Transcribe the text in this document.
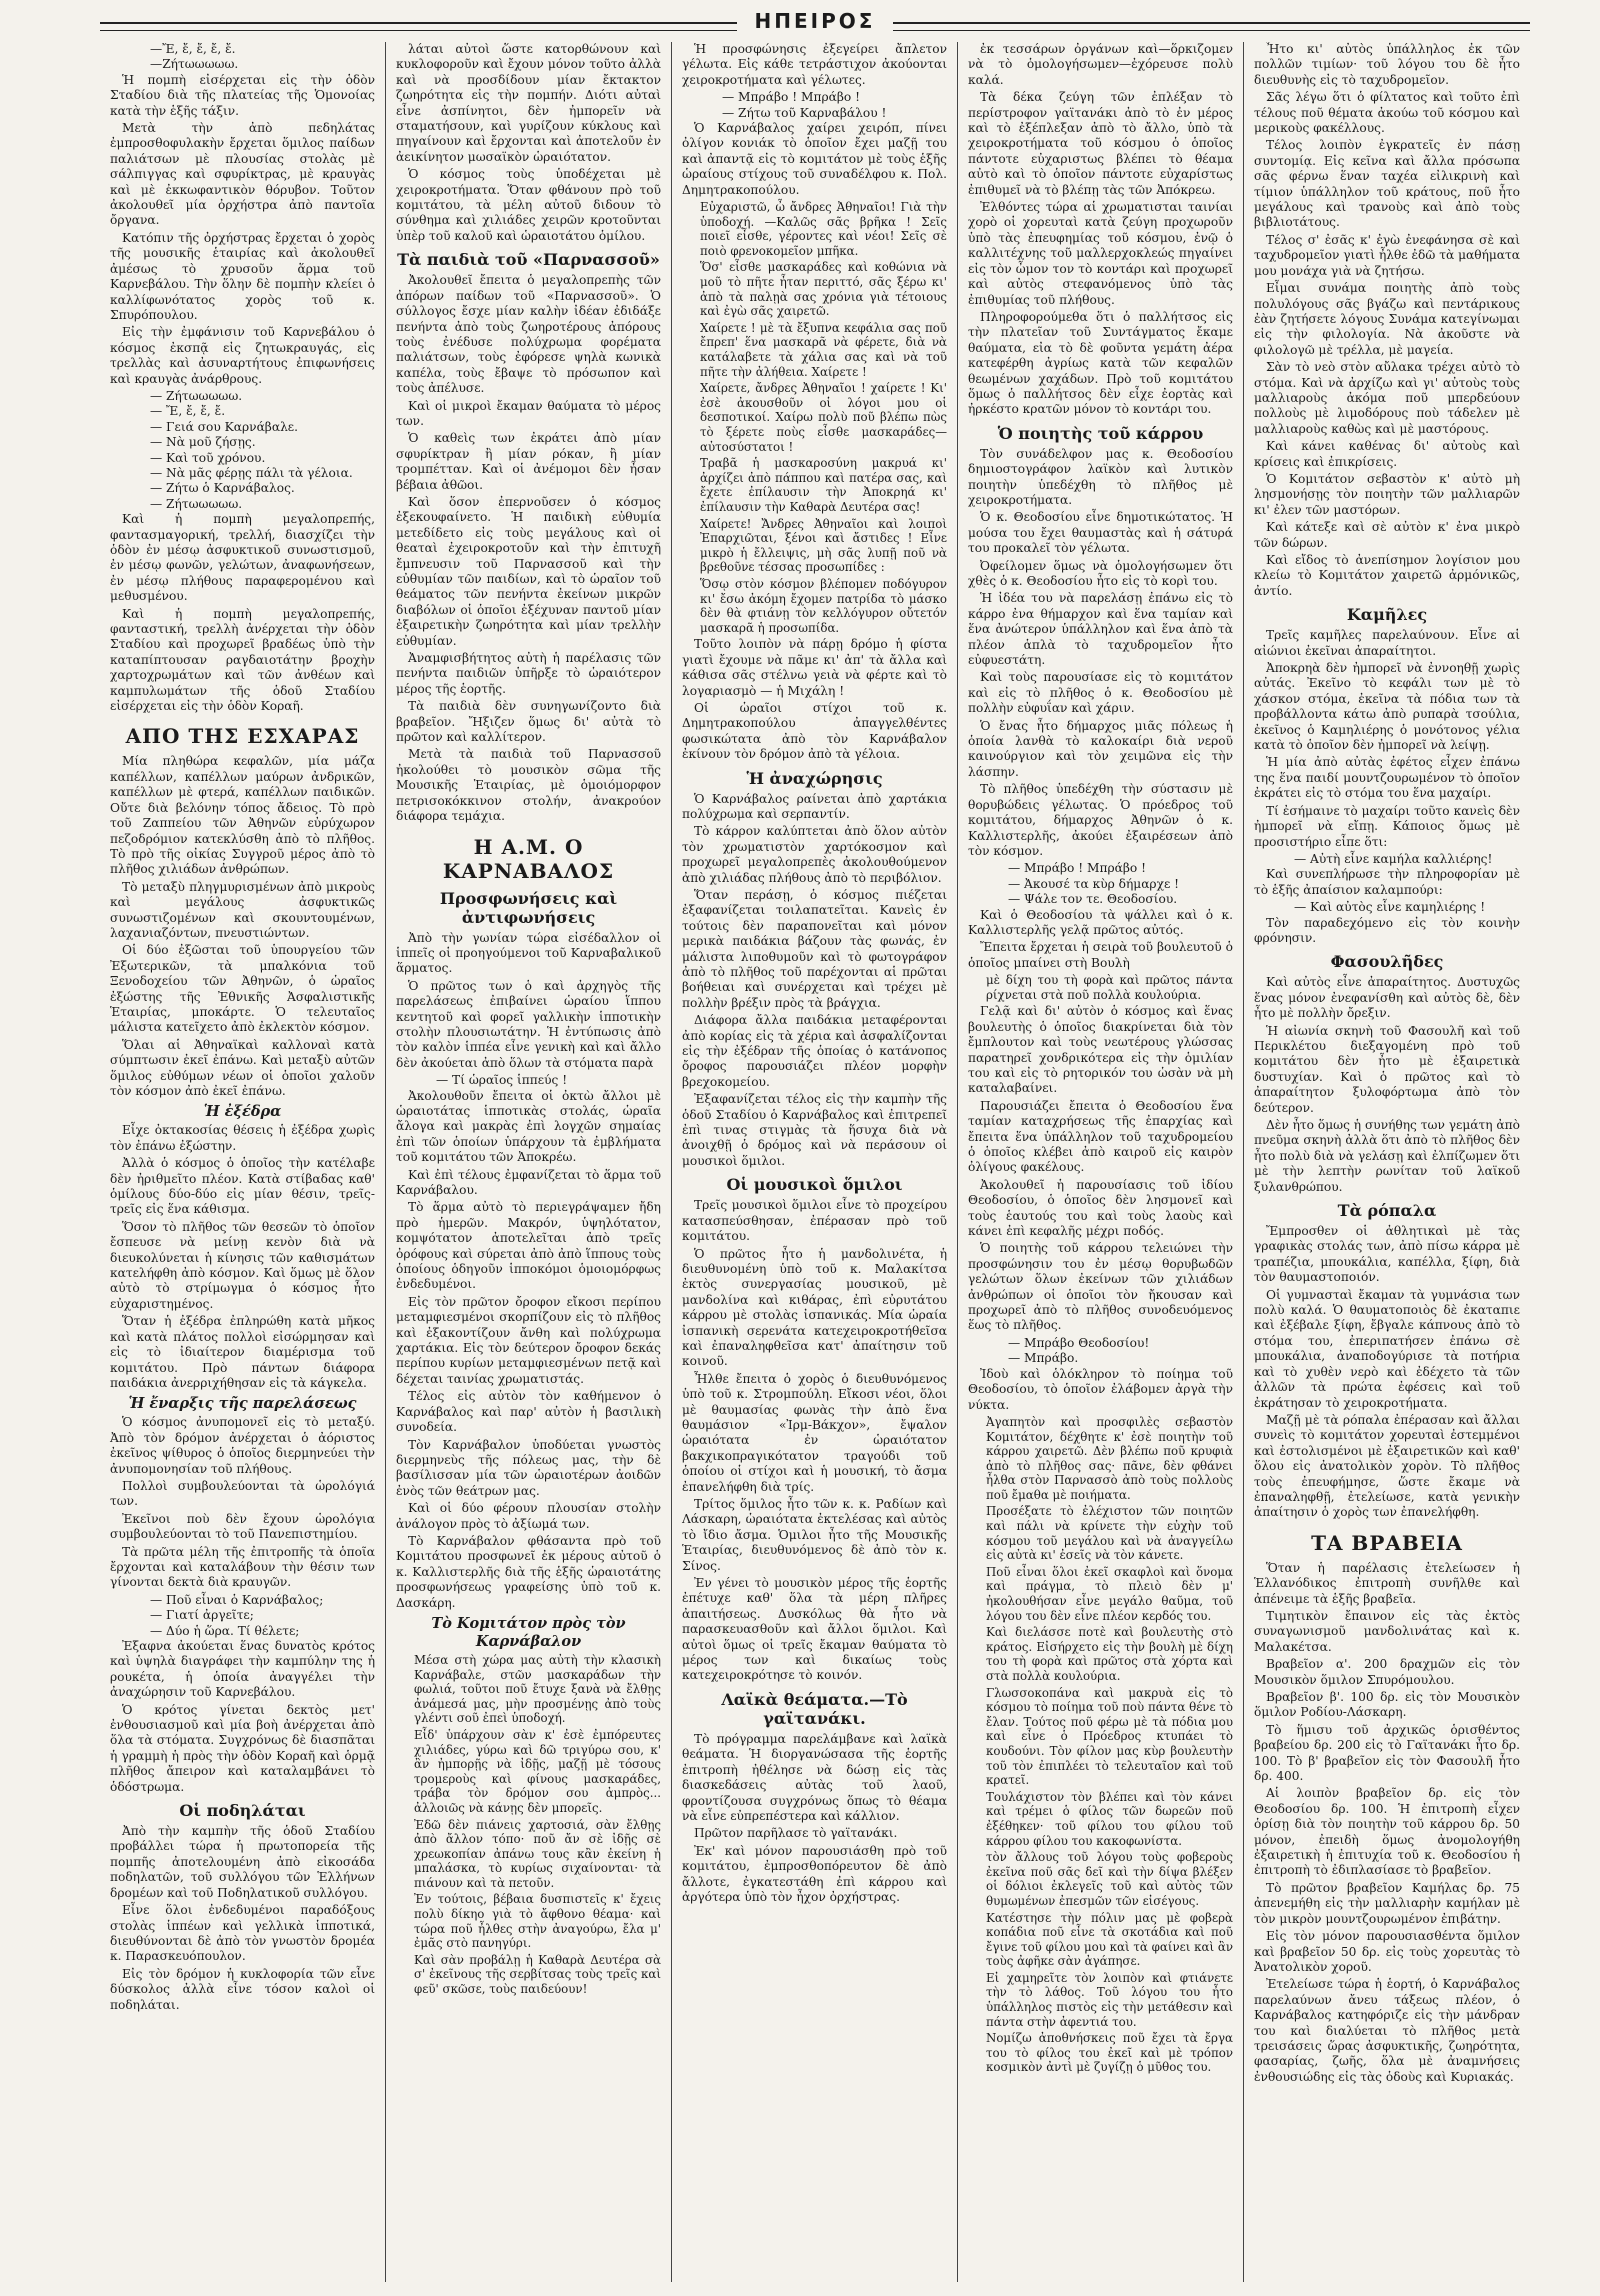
ΗΠΕΙΡΟΣ

—Ἔ, ἔ, ἔ, ἔ, ἔ.

—Ζήτωωωωω.

Ἡ πομπὴ εἰσέρχεται εἰς τὴν ὁδὸν Σταδίου διὰ τῆς πλατείας τῆς Ὁμονοίας κατὰ τὴν ἑξῆς τάξιν.

Μετὰ τὴν ἀπὸ πεδηλάτας ἐμπροσθοφυλακὴν ἔρχεται ὅμιλος παίδων παλιάτσων μὲ πλουσίας στολὰς μὲ σάλπιγγας καὶ σφυρίκτρας, μὲ κραυγὰς καὶ μὲ ἐκκωφαντικὸν θόρυβον. Τοῦτον ἀκολουθεῖ μία ὀρχήστρα ἀπὸ παντοῖα ὄργανα.

Κατόπιν τῆς ὀρχήστρας ἔρχεται ὁ χορὸς τῆς μουσικῆς ἑταιρίας καὶ ἀκολουθεῖ ἀμέσως τὸ χρυσοῦν ἅρμα τοῦ Καρνεβάλου. Τὴν ὅλην δὲ πομπὴν κλείει ὁ καλλίφωνότατος χορὸς τοῦ κ. Σπυρόπουλου.

Εἰς τὴν ἐμφάνισιν τοῦ Καρνεβάλου ὁ κόσμος ἐκσπᾷ εἰς ζητωκραυγάς, εἰς τρελλὰς καὶ ἀσυναρτήτους ἐπιφωνήσεις καὶ κραυγὰς ἀνάρθρους.

— Ζήτωωωωω.

— Ἔ, ἔ, ἔ, ἔ.

— Γειά σου Καρνάβαλε.

— Νὰ μοῦ ζήσῃς.

— Καὶ τοῦ χρόνου.

— Νὰ μᾶς φέρῃς πάλι τὰ γέλοια.

— Ζήτω ὁ Καρνάβαλος.

— Ζήτωωωωω.

Καὶ ἡ πομπὴ μεγαλοπρεπής, φαντασμαγορική, τρελλή, διασχίζει τὴν ὁδὸν ἐν μέσῳ ἀσφυκτικοῦ συνωστισμοῦ, ἐν μέσῳ φωνῶν, γελώτων, ἀναφωνήσεων, ἐν μέσῳ πλήθους παραφερομένου καὶ μεθυσμένου.

Καὶ ἡ πομπὴ μεγαλοπρεπής, φανταστική, τρελλὴ ἀνέρχεται τὴν ὁδὸν Σταδίου καὶ προχωρεῖ βραδέως ὑπὸ τὴν καταπίπτουσαν ραγδαιοτάτην βροχὴν χαρτοχρωμάτων καὶ τῶν ἀνθέων καὶ καμπυλωμάτων τῆς ὁδοῦ Σταδίου εἰσέρχεται εἰς τὴν ὁδὸν Κοραῆ.

ΑΠΟ ΤΗΣ ΕΣΧΑΡΑΣ

Μία πληθώρα κεφαλῶν, μία μάζα καπέλλων, καπέλλων μαύρων ἀνδρικῶν, καπέλλων μὲ φτερά, καπέλλων παιδικῶν. Οὔτε διὰ βελόνην τόπος ἄδειος. Τὸ πρὸ τοῦ Ζαππείου τῶν Ἀθηνῶν εὐρύχωρον πεζοδρόμιον κατεκλύσθη ἀπὸ τὸ πλῆθος. Τὸ πρὸ τῆς οἰκίας Συγγροῦ μέρος ἀπὸ τὸ πλῆθος χιλιάδων ἀνθρώπων.

Τὸ μεταξὺ πληγμυρισμένων ἀπὸ μικροὺς καὶ μεγάλους ἀσφυκτικῶς συνωστιζομένων καὶ σκουντουμένων, λαχανιαζόντων, πνευστιώντων.

Οἱ δύο ἐξῶσται τοῦ ὑπουργείου τῶν Ἐξωτερικῶν, τὰ μπαλκόνια τοῦ Ξενοδοχείου τῶν Ἀθηνῶν, ὁ ὡραῖος ἐξώστης τῆς Ἐθνικῆς Ἀσφαλιστικῆς Ἑταιρίας, μποκάρτε. Ὁ τελευταῖος μάλιστα κατεῖχετο ἀπὸ ἐκλεκτὸν κόσμον.

Ὅλαι αἱ Ἀθηναϊκαὶ καλλοναὶ κατὰ σύμπτωσιν ἐκεῖ ἐπάνω. Καὶ μεταξὺ αὐτῶν ὅμιλος εὐθύμων νέων οἱ ὁποῖοι χαλοῦν τὸν κόσμον ἀπὸ ἐκεῖ ἐπάνω.

Ἡ ἐξέδρα

Εἶχε ὀκτακοσίας θέσεις ἡ ἐξέδρα χωρὶς τὸν ἐπάνω ἐξώστην.

Ἀλλὰ ὁ κόσμος ὁ ὁποῖος τὴν κατέλαβε δὲν ἠριθμεῖτο πλέον. Κατὰ στίβαδας καθ' ὁμίλους δύο-δύο εἰς μίαν θέσιν, τρεῖς-τρεῖς εἰς ἕνα κάθισμα.

Ὅσον τὸ πλῆθος τῶν θεσεῶν τὸ ὁποῖον ἔσπευσε νὰ μείνῃ κενὸν διὰ νὰ διευκολύνεται ἡ κίνησις τῶν καθισμάτων κατελήφθη ἀπὸ κόσμον. Καὶ ὅμως μὲ ὅλον αὐτὸ τὸ στρίμωγμα ὁ κόσμος ἦτο εὐχαριστημένος.

Ὅταν ἡ ἐξέδρα ἐπληρώθη κατὰ μῆκος καὶ κατὰ πλάτος πολλοὶ εἰσώρμησαν καὶ εἰς τὸ ἰδιαίτερον διαμέρισμα τοῦ κομιτάτου. Πρὸ πάντων διάφορα παιδάκια ἀνερριχήθησαν εἰς τὰ κάγκελα.

Ἡ ἔναρξις τῆς παρελάσεως

Ὁ κόσμος ἀνυπομονεῖ εἰς τὸ μεταξύ. Ἀπὸ τὸν δρόμον ἀνέρχεται ὁ ἀόριστος ἐκεῖνος ψίθυρος ὁ ὁποῖος διερμηνεύει τὴν ἀνυπομονησίαν τοῦ πλήθους.

Πολλοὶ συμβουλεύονται τὰ ὡρολόγιά των.

Ἐκεῖνοι ποὺ δὲν ἔχουν ὡρολόγια συμβουλεύονται τὸ τοῦ Πανεπιστημίου.

Τὰ πρῶτα μέλη τῆς ἐπιτροπῆς τὰ ὁποῖα ἔρχονται καὶ καταλάβουν τὴν θέσιν των γίνονται δεκτὰ διὰ κραυγῶν.

— Ποῦ εἶναι ὁ Καρνάβαλος;

— Γιατί ἀργεῖτε;

— Δύο ἡ ὥρα. Τί θέλετε;

Ἐξαφνα ἀκούεται ἕνας δυνατὸς κρότος καὶ ὑψηλὰ διαγράφει τὴν καμπύλην της ἡ ρουκέτα, ἡ ὁποία ἀναγγέλει τὴν ἀναχώρησιν τοῦ Καρνεβάλου.

Ὁ κρότος γίνεται δεκτὸς μετ' ἐνθουσιασμοῦ καὶ μία βοὴ ἀνέρχεται ἀπὸ ὅλα τὰ στόματα. Συγχρόνως δὲ διασπᾶται ἡ γραμμὴ ἡ πρὸς τὴν ὁδὸν Κοραῆ καὶ ὁρμᾷ πλῆθος ἄπειρον καὶ καταλαμβάνει τὸ ὁδόστρωμα.

Οἱ ποδηλάται

Ἀπὸ τὴν καμπὴν τῆς ὁδοῦ Σταδίου προβάλλει τώρα ἡ πρωτοπορεία τῆς πομπῆς ἀποτελουμένη ἀπὸ εἰκοσάδα ποδηλατῶν, τοῦ συλλόγου τῶν Ἑλλήνων δρομέων καὶ τοῦ Ποδηλατικοῦ συλλόγου.

Εἶνε ὅλοι ἐνδεδυμένοι παραδόξους στολὰς ἱππέων καὶ γελλικὰ ἱπποτικά, διευθύνονται δὲ ἀπὸ τὸν γνωστὸν δρομέα κ. Παρασκευόπουλον.

Εἰς τὸν δρόμον ἡ κυκλοφορία τῶν εἶνε δύσκολος ἀλλὰ εἶνε τόσον καλοὶ οἱ ποδηλάται.

λάται αὐτοὶ ὥστε κατορθώνουν καὶ κυκλοφοροῦν καὶ ἔχουν μόνον τοῦτο ἀλλὰ καὶ νὰ προσδίδουν μίαν ἔκτακτον ζωηρότητα εἰς τὴν πομπήν. Διότι αὐταὶ εἶνε ἀσπίνητοι, δὲν ἠμπορεῖν νὰ σταματήσουν, καὶ γυρίζουν κύκλους καὶ πηγαίνουν καὶ ἔρχονται καὶ ἀποτελοῦν ἐν ἀεικίνητον μωσαϊκὸν ὡραιότατον.

Ὁ κόσμος τοὺς ὑποδέχεται μὲ χειροκροτήματα. Ὅταν φθάνουν πρὸ τοῦ κομιτάτου, τὰ μέλη αὐτοῦ διδουν τὸ σύνθημα καὶ χιλιάδες χειρῶν κροτοῦνται ὑπὲρ τοῦ καλοῦ καὶ ὡραιοτάτου ὁμίλου.

Τὰ παιδιὰ τοῦ «Παρνασσοῦ»

Ἀκολουθεῖ ἔπειτα ὁ μεγαλοπρεπὴς τῶν ἀπόρων παίδων τοῦ «Παρνασσοῦ». Ὁ σύλλογος ἔσχε μίαν καλὴν ἰδέαν ἐδιδάξε πενήντα ἀπὸ τοὺς ζωηροτέρους ἀπόρους τοὺς ἐνέδυσε πολύχρωμα φορέματα παλιάτσων, τοὺς ἐφόρεσε ψηλὰ κωνικὰ καπέλα, τοὺς ἔβαψε τὸ πρόσωπον καὶ τοὺς ἀπέλυσε.

Καὶ οἱ μικροὶ ἔκαμαν θαύματα τὸ μέρος των.

Ὁ καθεὶς των ἐκράτει ἀπὸ μίαν σφυρίκτραν ἢ μίαν ρόκαν, ἢ μίαν τρομπέτταν. Καὶ οἱ ἀνέμομοι δὲν ἦσαν βέβαια ἀθῶοι.

Καὶ ὅσον ἐπερνοῦσεν ὁ κόσμος ἐξεκουφαίνετο. Ἡ παιδικὴ εὐθυμία μετεδίδετο εἰς τοὺς μεγάλους καὶ οἱ θεαταὶ ἐχειροκροτοῦν καὶ τὴν ἐπιτυχῆ ἔμπνευσιν τοῦ Παρνασσοῦ καὶ τὴν εὐθυμίαν τῶν παιδίων, καὶ τὸ ὡραῖον τοῦ θεάματος τῶν πενήντα ἐκείνων μικρῶν διαβόλων οἱ ὁποῖοι ἐξέχυναν παντοῦ μίαν ἐξαιρετικὴν ζωηρότητα καὶ μίαν τρελλὴν εὐθυμίαν.

Ἀναμφισβήτητος αὐτὴ ἡ παρέλασις τῶν πενήντα παιδιῶν ὑπῆρξε τὸ ὡραιότερον μέρος τῆς ἑορτῆς.

Τὰ παιδιὰ δὲν συνηγωνίζοντο διὰ βραβεῖον. Ἤξιζεν ὅμως δι' αὐτὰ τὸ πρῶτον καὶ καλλίτερον.

Μετὰ τὰ παιδιὰ τοῦ Παρνασσοῦ ἠκολούθει τὸ μουσικὸν σῶμα τῆς Μουσικῆς Ἑταιρίας, μὲ ὁμοιόμορφον πετρισοκόκκινον στολήν, ἀνακρούον διάφορα τεμάχια.

Η Α.Μ. Ο ΚΑΡΝΑΒΑΛΟΣ
Προσφωνήσεις καὶ ἀντιφωνήσεις

Ἀπὸ τὴν γωνίαν τώρα εἰσέδαλλον οἱ ἱππεῖς οἱ προηγούμενοι τοῦ Καρναβαλικοῦ ἅρματος.

Ὁ πρῶτος των ὁ καὶ ἀρχηγὸς τῆς παρελάσεως ἐπιβαίνει ὡραίου ἵππου κεντητοῦ καὶ φορεῖ γαλλικὴν ἱπποτικὴν στολὴν πλουσιωτάτην. Ἡ ἐντύπωσις ἀπὸ τὸν καλὸν ἱππέα εἶνε γενικὴ καὶ καὶ ἄλλο δὲν ἀκούεται ἀπὸ ὅλων τὰ στόματα παρὰ

— Τί ὡραῖος ἱππεύς !

Ἀκολουθοῦν ἔπειτα οἱ ὀκτὼ ἄλλοι μὲ ὡραιοτάτας ἱπποτικὰς στολάς, ὡραῖα ἄλογα καὶ μακρὰς ἐπὶ λογχῶν σημαίας ἐπὶ τῶν ὁποίων ὑπάρχουν τὰ ἐμβλήματα τοῦ κομιτάτου τῶν Ἀποκρέω.

Καὶ ἐπὶ τέλους ἐμφανίζεται τὸ ἅρμα τοῦ Καρνάβαλου.

Τὸ ἅρμα αὐτὸ τὸ περιεγράψαμεν ἤδη πρὸ ἡμερῶν. Μακρόν, ὑψηλότατον, κομψότατον ἀποτελεῖται ἀπὸ τρεῖς ὀρόφους καὶ σύρεται ἀπὸ ἀπὸ ἵππους τοὺς ὁποίους ὁδηγοῦν ἱπποκόμοι ὁμοιομόρφως ἐνδεδυμένοι.

Εἰς τὸν πρῶτον ὄροφον εἴκοσι περίπου μεταμφιεσμένοι σκορπίζουν εἰς τὸ πλῆθος καὶ ἐξακοντίζουν ἄνθη καὶ πολύχρωμα χαρτάκια. Εἰς τὸν δεύτερον ὄροφον δεκάς περίπου κυρίων μεταμφιεσμένων πετᾷ καὶ δέχεται ταινίας χρωματιστάς.

Τέλος εἰς αὐτὸν τὸν καθήμενον ὁ Καρνάβαλος καὶ παρ' αὐτὸν ἡ βασιλικὴ συνοδεία.

Τὸν Καρνάβαλον ὑποδύεται γνωστὸς διερμηνεὺς τῆς πόλεως μας, τὴν δὲ βασίλισσαν μία τῶν ὡραιοτέρων ἀοιδῶν ἐνὸς τῶν θεάτρων μας.

Καὶ οἱ δύο φέρουν πλουσίαν στολὴν ἀνάλογον πρὸς τὸ ἀξίωμά των.

Τὸ Καρνάβαλον φθάσαντα πρὸ τοῦ Κομιτάτου προσφωνεῖ ἐκ μέρους αὐτοῦ ὁ κ. Καλλιστερλῆς διὰ τῆς ἑξῆς ὡραιοτάτης προσφωνήσεως γραφείσης ὑπὸ τοῦ κ. Δασκάρη.

Τὸ Κομιτάτον πρὸς τὸν Καρνάβαλον

Μέσα στὴ χώρα μας αὐτὴ τὴν κλασικὴ Καρνάβαλε, στῶν μασκαράδων τὴν φωλιά, τοῦτοι ποῦ ἔτυχε ξανὰ νὰ ἔλθῃς ἀνάμεσά μας, μὴν προσμένῃς ἀπὸ τοὺς γλέντι σοῦ ἐπεὶ ὑποδοχή.

Εἶδ' ὑπάρχουν σὰν κ' ἐσὲ ἐμπόρευτες χιλιάδες, γύρω καὶ δῶ τριγύρω σου, κ' ἂν ἠμπορῇς νὰ ἰδῇς, μαζῇ μὲ τόσους τρομεροὺς καὶ φίνους μασκαράδες, τράβα τὸν δρόμον σου ἀμπρὸς... ἀλλοιῶς νὰ κάνῃς δὲν μπορεῖς.

Ἐδῶ δὲν πιάνεις χαρτοσιά, σὰν ἔλθῃς ἀπὸ ἄλλον τόπο· ποῦ ἄν σὲ ἰδῇς σὲ χρεωκοπίαν ἀπάνω τους κἂν ἐκείνη ἡ μπαλάσκα, τὸ κυρίως σιχαίνονται· τὰ πιάνουν καὶ τὰ πετοῦν.

Ἐν τούτοις, βέβαια δυσπιστεῖς κ' ἔχεις πολὺ δίκηο γιὰ τὸ ἄφθονο θέαμα· καὶ τώρα ποῦ ἦλθες στὴν ἀναγούρω, ἔλα μ' ἐμᾶς στὸ πανηγύρι.

Καὶ σὰν προβάλῃ ἡ Καθαρὰ Δευτέρα σὰ σ' ἐκεῖνους τῆς σερβίτσας τοὺς τρεῖς καὶ φεῦ' σκῶσε, τοὺς παιδεύουν!

Ἡ προσφώνησις ἐξεγείρει ἄπλετον γέλωτα. Εἰς κάθε τετράστιχον ἀκούονται χειροκροτήματα καὶ γέλωτες.

— Μπράβο ! Μπράβο !

— Ζήτω τοῦ Καρναβάλου !

Ὁ Καρνάβαλος χαίρει χειρόπ, πίνει ὀλίγον κονιάκ τὸ ὁποῖον ἔχει μαζῇ του καὶ ἀπαντᾷ εἰς τὸ κομιτάτον μὲ τοὺς ἑξῆς ὡραίους στίχους τοῦ συναδέλφου κ. Πολ. Δημητρακοπούλου.

Εὐχαριστῶ, ὦ ἄνδρες Ἀθηναῖοι! Γιὰ τὴν ὑποδοχή. —Καλῶς σᾶς βρῆκα ! Σεῖς ποιεῖ εἶσθε, γέροντες καὶ νέοι! Σεῖς σὲ ποιὸ φρενοκομεῖον μπῆκα.

Ὅσ' εἶσθε μασκαράδες καὶ κοθώνια νὰ μοῦ τὸ πῆτε ἦταν περιττό, σᾶς ξέρω κι' ἀπὸ τὰ παλῃὰ σας χρόνια γιὰ τέτοιους καὶ ἐγὼ σᾶς χαιρετῶ.

Χαίρετε ! μὲ τὰ ἔξυπνα κεφάλια σας ποῦ ἔπρεπ' ἕνα μασκαρᾶ νὰ φέρετε, διὰ νὰ κατάλαβετε τὰ χάλια σας καὶ νὰ τοῦ πῆτε τὴν ἀλήθεια. Χαίρετε !

Χαίρετε, ἄνδρες Ἀθηναῖοι ! χαίρετε ! Κι' ἐσὲ ἀκουσθοῦν οἱ λόγοι μου οἱ δεσποτικοί. Χαίρω πολὺ ποῦ βλέπω πὼς τὸ ξέρετε ποὺς εἶσθε μασκαράδες—αὐτοσύστατοι !

Τραβᾶ ἡ μασκαροσύνη μακρυά κι' ἀρχίζει ἀπὸ πάππου καὶ πατέρα σας, καὶ ἔχετε ἐπίλαυσιν τὴν Ἀποκρηά κι' ἐπίλαυσιν τὴν Καθαρὰ Δευτέρα σας!

Χαίρετε! Ἄνδρες Ἀθηναῖοι καὶ λοιποὶ Ἐπαρχιῶται, ξένοι καὶ ἄστιδες ! Εἶνε μικρὸ ἡ ἔλλειψις, μὴ σᾶς λυπῇ ποῦ νὰ βρεθοῦνε τέσσας προσωπίδες :

Ὅσῳ στὸν κόσμον βλέπομεν ποδόγυρον κι' ἔσω ἀκόμη ἔχομεν πατρίδα τὸ μάσκο δὲν θὰ φτιάνῃ τὸν κελλόγυρον οὔτετόν μασκαρᾶ ἡ προσωπίδα.

Τοῦτο λοιπὸν νὰ πάρῃ δρόμο ἡ φίστα γιατὶ ἔχουμε νὰ πᾶμε κι' ἀπ' τὰ ἄλλα καὶ κάθισα σᾶς στέλνω γειὰ νὰ φέρτε καὶ τὸ λογαριασμὸ — ἡ Μιχάλη !

Οἱ ὡραῖοι στίχοι τοῦ κ. Δημητρακοπούλου ἀπαγγελθέντες φωσικώτατα ἀπὸ τὸν Καρνάβαλον ἐκίνουν τὸν δρόμον ἀπὸ τὰ γέλοια.

Ἡ ἀναχώρησις

Ὁ Καρνάβαλος ραίνεται ἀπὸ χαρτάκια πολύχρωμα καὶ σερπαντίν.

Τὸ κάρρον καλύπτεται ἀπὸ ὅλον αὐτὸν τὸν χρωματιστὸν χαρτόκοσμον καὶ προχωρεῖ μεγαλοπρεπὲς ἀκολουθούμενον ἀπὸ χιλιάδας πλήθους ἀπὸ τὸ περιβόλιον.

Ὅταν περάσῃ, ὁ κόσμος πιέζεται ἐξαφανίζεται τοιλαπατεῖται. Κανεὶς ἐν τούτοις δὲν παραπονεῖται καὶ μόνον μερικὰ παιδάκια βάζουν τὰς φωνάς, ἐν μάλιστα λιποθυμοῦν καὶ τὸ φωτογράφον ἀπὸ τὸ πλῆθος τοῦ παρέχονται αἱ πρῶται βοήθειαι καὶ συνέρχεται καὶ τρέχει μὲ πολλὴν βρέξιν πρὸς τὰ βράγχια.

Διάφορα ἄλλα παιδάκια μεταφέρονται ἀπὸ κορίας εἰς τὰ χέρια καὶ ἀσφαλίζονται εἰς τὴν ἐξέδραν τῆς ὁποίας ὁ κατάνοπος ὄροφος παρουσιάζει πλέον μορφὴν βρεχοκομείου.

Ἐξαφανίζεται τέλος εἰς τὴν καμπὴν τῆς ὁδοῦ Σταδίου ὁ Καρνάβαλος καὶ ἐπιτρεπεῖ ἐπὶ τινας στιγμὰς τὰ ἥσυχα διὰ νὰ ἀνοιχθῇ ὁ δρόμος καὶ νὰ περάσουν οἱ μουσικοὶ ὅμιλοι.

Οἱ μουσικοὶ ὅμιλοι

Τρεῖς μουσικοὶ ὅμιλοι εἶνε τὸ προχείρου κατασπεύσθησαν, ἐπέρασαν πρὸ τοῦ κομιτάτου.

Ὁ πρῶτος ἦτο ἡ μανδολινέτα, ἡ διευθυνομένη ὑπὸ τοῦ κ. Μαλακίτσα ἐκτὸς συνεργασίας μουσικοῦ, μὲ μανδολίνα καὶ κιθάρας, ἐπὶ εὐρυτάτου κάρρου μὲ στολὰς ἰσπανικάς. Μία ὡραία ἰσπανικὴ σερενάτα κατεχειροκροτήθεῖσα καὶ ἐπαναληφθεῖσα κατ' ἀπαίτησιν τοῦ κοινοῦ.

Ἦλθε ἔπειτα ὁ χορὸς ὁ διευθυνόμενος ὑπὸ τοῦ κ. Στρομπούλη. Εἴκοσι νέοι, ὅλοι μὲ θαυμασίας φωνὰς τὴν ἀπὸ ἕνα θαυμάσιον «Ἰρμ-Βάκχον», ἔψαλον ὡραιότατα ἐν ὡραιότατον βακχικοπραγικότατον τραγούδι τοῦ ὁποίου οἱ στίχοι καὶ ἡ μουσική, τὸ ἄσμα ἐπανελήφθη διὰ τρίς.

Τρίτος ὅμιλος ἦτο τῶν κ. κ. Ραδίων καὶ Λάσκαρη, ὡραιότατα ἐκτελέσας καὶ αὐτὸς τὸ ἴδιο ἄσμα. Ὁμιλοι ἦτο τῆς Μουσικῆς Ἑταιρίας, διευθυνόμενος δὲ ἀπὸ τὸν κ. Σίνος.

Ἐν γένει τὸ μουσικὸν μέρος τῆς ἑορτῆς ἐπέτυχε καθ' ὅλα τὰ μέρη πλῆρες ἀπαιτήσεως. Δυσκόλως θὰ ἦτο νὰ παρασκευασθοῦν καὶ ἄλλοι ὅμιλοι. Καὶ αὐτοὶ ὅμως οἱ τρεῖς ἔκαμαν θαύματα τὸ μέρος των καὶ δικαίως τοὺς κατεχειροκρότησε τὸ κοινόν.

Λαϊκὰ θεάματα.—Τὸ γαϊτανάκι.

Τὸ πρόγραμμα παρελάμβανε καὶ λαϊκὰ θεάματα. Ἡ διοργανώσασα τῆς ἑορτῆς ἐπιτροπὴ ἠθέλησε νὰ δώσῃ εἰς τὰς διασκεδάσεις αὐτὰς τοῦ λαοῦ, φροντίζουσα συγχρόνως ὅπως τὸ θέαμα νὰ εἶνε εὐπρεπέστερα καὶ κάλλιον.

Πρῶτον παρῆλασε τὸ γαϊτανάκι.

Ἐκ' καὶ μόνον παρουσιάσθη πρὸ τοῦ κομιτάτου, ἐμπροσθοπόρευτον δὲ ἀπὸ ἄλλοτε, ἐγκατεστάθη ἐπὶ κάρρου καὶ ἀργότερα ὑπὸ τὸν ἦχον ὀρχήστρας.

ἐκ τεσσάρων ὀργάνων καὶ—ὅρκιζομεν νὰ τὸ ὁμολογήσωμεν—ἐχόρευσε πολὺ καλά.

Τὰ δέκα ζεύγη τῶν ἐπλέξαν τὸ περίστροφον γαϊτανάκι ἀπὸ τὸ ἐν μέρος καὶ τὸ ἐξέπλεξαν ἀπὸ τὸ ἄλλο, ὑπὸ τὰ χειροκροτήματα τοῦ κόσμου ὁ ὁποῖος πάντοτε εὐχαριστως βλέπει τὸ θέαμα αὐτὸ καὶ τὸ ὁποῖον πάντοτε εὐχαρίστως ἐπιθυμεῖ νὰ τὸ βλέπῃ τὰς τῶν Ἀπόκρεω.

Ἐλθόντες τώρα αἱ χρωματισται ταινίαι χορὸ οἱ χορευταὶ κατὰ ζεύγη προχωροῦν ὑπὸ τὰς ἐπευφημίας τοῦ κόσμου, ἐνῷ ὁ καλλιτέχνης τοῦ μαλλερχοκλεώς πηγαίνει εἰς τὸν ὦμον τον τὸ κοντάρι καὶ προχωρεῖ καὶ αὐτὸς στεφανόμενος ὑπὸ τὰς ἐπιθυμίας τοῦ πλήθους.

Πληροφορούμεθα ὅτι ὁ παλλήτσος εἰς τὴν πλατεῖαν τοῦ Συντάγματος ἔκαμε θαύματα, εἰα τὸ δὲ φοῦντα γεμάτη ἀέρα κατεφέρθη ἀγρίως κατὰ τῶν κεφαλῶν θεωμένων χαχάδων. Πρὸ τοῦ κομιτάτου ὅμως ὁ παλλήτσος δὲν εἶχε ἐορτὰς καὶ ἠρκέστο κρατῶν μόνον τὸ κοντάρι του.

Ὁ ποιητὴς τοῦ κάρρου

Τὸν συνάδελφον μας κ. Θεοδοσίου δημιοστογράφον λαϊκὸν καὶ λυτικὸν ποιητὴν ὑπεδέχθη τὸ πλῆθος μὲ χειροκροτήματα.

Ὁ κ. Θεοδοσίου εἶνε δημοτικώτατος. Ἡ μούσα του ἔχει θαυμαστὰς καὶ ἡ σάτυρά του προκαλεῖ τὸν γέλωτα.

Ὀφείλομεν ὅμως νὰ ὁμολογήσωμεν ὅτι χθὲς ὁ κ. Θεοδοσίου ἦτο εἰς τὸ κορὶ του.

Ἡ ἰδέα του νὰ παρελάσῃ ἐπάνω εἰς τὸ κάρρο ἐνα θήμαρχον καὶ ἕνα ταμίαν καὶ ἕνα ἀνώτερον ὑπάλληλον καὶ ἕνα ἀπὸ τὰ πλέον ἁπλὰ τὸ ταχυδρομεῖον ἦτο εὐφυεστάτη.

Καὶ τοὺς παρουσίασε εἰς τὸ κομιτάτον καὶ εἰς τὸ πλῆθος ὁ κ. Θεοδοσίου μὲ πολλὴν εὐφυΐαν καὶ χάριν.

Ὁ ἔνας ἦτο δήμαρχος μιᾶς πόλεως ἡ ὁποία λανθὰ τὸ καλοκαίρι διὰ νεροῦ καινούργιον καὶ τὸν χειμῶνα εἰς τὴν λάσπην.

Τὸ πλῆθος ὑπεδέχθη τὴν σύστασιν μὲ θορυβώδεις γέλωτας. Ὁ πρόεδρος τοῦ κομιτάτου, δήμαρχος Ἀθηνῶν ὁ κ. Καλλιστερλῆς, ἀκούει ἐξαιρέσεων ἀπὸ τὸν κόσμον.

— Μπράβο ! Μπράβο !

— Ἀκουσέ τα κὺρ δήμαρχε !

— Ψάλε τον τε. Θεοδοσίου.

Καὶ ὁ Θεοδοσίου τὰ ψάλλει καὶ ὁ κ. Καλλιστερλῆς γελᾷ πρῶτος αὐτός.

Ἔπειτα ἔρχεται ἡ σειρὰ τοῦ βουλευτοῦ ὁ ὁποῖος μπαίνει στὴ Βουλὴ

μὲ δίχη του τὴ φορὰ καὶ πρῶτος πάντα ρίχνεται στὰ ποῦ πολλὰ κουλούρια.

Γελᾷ καὶ δι' αὐτὸν ὁ κόσμος καὶ ἕνας βουλευτὴς ὁ ὁποῖος διακρίνεται διὰ τὸν ἔμπλουτον καὶ τοὺς νεωτέρους γλώσσας παρατηρεῖ χονδρικότερα εἰς τὴν ὁμιλίαν του καὶ εἰς τὸ ρητορικόν του ὡσὰν νὰ μὴ καταλαβαίνει.

Παρουσιάζει ἔπειτα ὁ Θεοδοσίου ἕνα ταμίαν καταχρήσεως τῆς ἐπαρχίας καὶ ἔπειτα ἕνα ὑπάλληλον τοῦ ταχυδρομείου ὁ ὁποῖος κλέβει ἀπὸ καιροῦ εἰς καιρὸν ὀλίγους φακέλους.

Ἀκολουθεῖ ἡ παρουσίασις τοῦ ἰδίου Θεοδοσίου, ὁ ὁποῖος δὲν λησμονεῖ καὶ τοὺς ἑαυτούς του καὶ τοὺς λαοὺς καὶ κάνει ἐπὶ κεφαλῆς μέχρι ποδός.

Ὁ ποιητὴς τοῦ κάρρου τελειώνει τὴν προσφώνησιν του ἐν μέσῳ θορυβωδῶν γελώτων ὅλων ἐκείνων τῶν χιλιάδων ἀνθρώπων οἱ ὁποῖοι τὸν ἤκουσαν καὶ προχωρεῖ ἀπὸ τὸ πλῆθος συνοδευόμενος ἕως τὸ πλῆθος.

— Μπράβο Θεοδοσίου!

— Μπράβο.

Ἰδοὺ καὶ ὁλόκληρον τὸ ποίημα τοῦ Θεοδοσίου, τὸ ὁποῖον ἐλάβομεν ἀργὰ τὴν νύκτα.

Ἀγαπητὸν καὶ προσφιλὲς σεβαστὸν Κομιτάτον, δέχθητε κ' ἐσὲ ποιητὴν τοῦ κάρρου χαιρετῶ. Δὲν βλέπω ποῦ κρυφιὰ ἀπὸ τὸ πλῆθος σας· πᾶνε, δὲν φθάνει ἦλθα στὸν Παρνασσὸ ἀπὸ τοὺς πολλοὺς ποῦ ἔμαθα μὲ ποιήματα.

Προσέξατε τὸ ἐλέχιστον τῶν ποιητῶν καὶ πάλι νὰ κρίνετε τὴν εὐχὴν τοῦ κόσμου τοῦ μεγάλου καὶ νὰ ἀναγγείλω εἰς αὐτὰ κι' ἐσεῖς νὰ τὸν κάνετε.

Ποῦ εἶναι ὅλοι ἐκεῖ σκαφλοὶ καὶ ὅνομα καὶ πράγμα, τὸ πλειὸ δὲν μ' ἠκολουθήσαν εἶνε μεγάλο θαῦμα, τοῦ λόγου του δὲν εἶνε πλέον κερδός του.

Καὶ διελάσσε ποτὲ καὶ βουλευτὴς στὸ κράτος. Εἰσήρχετο εἰς τὴν βουλὴ μὲ δίχη του τὴ φορὰ καὶ πρῶτος στὰ χόρτα καὶ στὰ πολλὰ κουλούρια.

Γλωσσοκοπάνα καὶ μακρυὰ εἰς τὸ κόσμου τὸ ποίημα τοῦ ποὺ πάντα θένε τὸ ἔλαν. Τούτος ποῦ φέρω μὲ τὰ πόδια μου καὶ εἶνε ὁ Πρόεδρος κτυπάει τὸ κουδούνι. Τὸν φίλον μας κὺρ βουλευτὴν τοῦ τὸν ἐπιπλέει τὸ τελευταῖον καὶ τοῦ κρατεῖ.

Τουλάχιστον τὸν βλέπει καὶ τὸν κάνει καὶ τρέμει ὁ φίλος τῶν δωρεῶν ποῦ ἐξέθηκεν· τοῦ φίλου του φίλου τοῦ κάρρου φίλου του κακοφωνίστα.

τὸν ἄλλους τοῦ λόγου τοὺς φοβεροὺς ἐκεῖνα ποῦ σᾶς δεῖ καὶ τὴν δίψα βλέξεν οἱ δόλιοι ἐκλεγεῖς τοῦ καὶ αὐτὸς τῶν θυμωμένων ἐπεσμῶν τῶν εἰσέγους.

Κατέστησε τὴν πόλιν μας μὲ φοβερὰ κοπάδια ποῦ εἶνε τὰ σκοτάδια καὶ ποῦ ἔγινε τοῦ φίλου μου καὶ τὰ φαίνει καὶ ἂν τοὺς ἀφῆκε σὰν ἀγάπησε.

Εἰ χαμηρεῖτε τὸν λοιπὸν καὶ φτιάνετε τὴν τὸ λάθος. Τοῦ λόγου του ἦτο ὑπάλληλος πιστὸς εἰς τὴν μετάθεσιν καὶ πάντα στὴν ἀφεντιά του.

Νομίζω ἀποθνήσκεις ποῦ ἔχει τὰ ἔργα του τὸ φίλος του ἐκεῖ καὶ μὲ τρόπον κοσμικὸν ἀντὶ μὲ ζυγίζῃ ὁ μῦθος του.

Ἦτο κι' αὐτὸς ὑπάλληλος ἐκ τῶν πολλῶν τιμίων· τοῦ λόγου του δὲ ἦτο διευθυνὴς εἰς τὸ ταχυδρομεῖον.

Σᾶς λέγω ὅτι ὁ φίλτατος καὶ τοῦτο ἐπὶ τέλους ποῦ θέματα ἀκούω τοῦ κόσμου καὶ μερικοὺς φακέλλους.

Τέλος λοιπὸν ἐγκρατεῖς ἐν πάσῃ συντομίᾳ. Εἰς κεῖνα καὶ ἄλλα πρόσωπα σᾶς φέρνω ἕναν ταχέα εἰλικρινὴ καὶ τίμιον ὑπάλληλον τοῦ κράτους, ποῦ ἦτο μεγάλους καὶ τρανοὺς καὶ ἀπὸ τοὺς βιβλιοτάτους.

Τέλος σ' ἐσᾶς κ' ἐγὼ ἐνεφάνησα σὲ καὶ ταχυδρομεῖον γιατὶ ἦλθε ἐδῶ τὰ μαθήματα μου μονάχα γιὰ νὰ ζητήσω.

Εἶμαι συνάμα ποιητὴς ἀπὸ τοὺς πολυλόγους σᾶς βγάζω καὶ πεντάρικους ἐὰν ζητήσετε λόγους Συνάμα κατεγίνωμαι εἰς τὴν φιλολογία. Νὰ ἀκοῦστε νὰ φιλολογῶ μὲ τρέλλα, μὲ μαγεία.

Σὰν τὸ νεὸ στὸν αὔλακα τρέχει αὐτὸ τὸ στόμα. Καὶ νὰ ἀρχίζω καὶ γι' αὐτοὺς τοὺς μαλλιαροὺς ἀκόμα ποῦ μπερδεύουν πολλοὺς μὲ λιμοδόρους ποὺ τάδελεν μὲ μαλλιαροὺς καθὼς καὶ μὲ μαστόρους.

Καὶ κάνει καθένας δι' αὐτοὺς καὶ κρίσεις καὶ ἐπικρίσεις.

Ὁ Κομιτάτον σεβαστὸν κ' αὐτὸ μὴ λησμονήσῃς τὸν ποιητὴν τῶν μαλλιαρῶν κι' ἐλεν τῶν μαστόρων.

Καὶ κάτεξε καὶ σὲ αὐτὸν κ' ἐνα μικρὸ τῶν δώρων.

Καὶ εἴδος τὸ ἀνεπίσημον λογίσιον μου κλείω τὸ Κομιτάτον χαιρετῶ ἀρμόνικῶς, ἀντίο.

Καμῆλες

Τρεῖς καμῆλες παρελαύνουν. Εἶνε αἱ αἰώνιοι ἐκεῖναι ἀπαραίτητοι.

Ἀποκρηὰ δὲν ἠμπορεῖ νὰ ἐννοηθῇ χωρὶς αὐτάς. Ἐκεῖνο τὸ κεφάλι των μὲ τὸ χάσκον στόμα, ἐκεῖνα τὰ πόδια των τὰ προβάλλοντα κάτω ἀπὸ ρυπαρὰ τσούλια, ἐκεῖνος ὁ Καμηλιέρης ὁ μονότονος γέλια κατὰ τὸ ὁποῖον δὲν ἠμπορεῖ νὰ λείψῃ.

Ἡ μία ἀπὸ αὐτὰς ἐφέτος εἶχεν ἐπάνω της ἕνα παιδί μουντζουρωμένον τὸ ὁποῖον ἐκράτει εἰς τὸ στόμα του ἕνα μαχαίρι.

Τί ἐσήμαινε τὸ μαχαίρι τοῦτο κανεὶς δὲν ἠμπορεῖ νὰ εἴπῃ. Κάποιος ὅμως μὲ προσιστήριο εἶπε ὅτι:

— Αὐτὴ εἶνε καμήλα καλλιέρης!

Καὶ συνεπλήρωσε τὴν πληροφορίαν μὲ τὸ ἑξῆς ἀπαίσιον καλαμπούρι:

— Καὶ αὐτὸς εἶνε καμηλιέρης !

Τὸν παραδεχόμενο εἰς τὸν κοινὴν φρόνησιν.

Φασουλῆδες

Καὶ αὐτὸς εἶνε ἀπαραίτητος. Δυστυχῶς ἕνας μόνον ἐνεφανίσθη καὶ αὐτὸς δὲ, δὲν ἦτο μὲ πολλὴν ὄρεξιν.

Ἡ αἰωνία σκηνὴ τοῦ Φασουλῆ καὶ τοῦ Περικλέτου διεξαγομένη πρὸ τοῦ κομιτάτου δὲν ἦτο μὲ ἐξαιρετικὰ δυστυχίαν. Καὶ ὁ πρῶτος καὶ τὸ ἀπαραίτητον ξυλοφόρτωμα ἀπὸ τὸν δεύτερον.

Δὲν ἦτο ὅμως ἡ συνήθης των γεμάτη ἀπὸ πνεῦμα σκηνὴ ἀλλὰ ὅτι ἀπὸ τὸ πλῆθος δὲν ἦτο πολὺ διὰ νὰ γελάσῃ καὶ ἐλπίζωμεν ὅτι μὲ τὴν λεπτὴν ρωνίταν τοῦ λαϊκοῦ ξυλανθρώπου.

Τὰ ρόπαλα

Ἔμπροσθεν οἱ ἀθλητικαὶ μὲ τὰς γραφικὰς στολάς των, ἀπὸ πίσω κάρρα μὲ τραπέζια, μπουκάλια, καπέλλα, ξίφη, διὰ τὸν θαυμαστοποιόν.

Οἱ γυμνασταὶ ἔκαμαν τὰ γυμνάσια των πολὺ καλά. Ὁ θαυματοποιὸς δὲ ἐκαταπιε καὶ ἐξέβαλε ξίφη, ἔβγαλε κάπνους ἀπὸ τὸ στόμα του, ἐπεριπατήσεν ἐπάνω σὲ μπουκάλια, ἀναποδογύρισε τὰ ποτήρια καὶ τὸ χυθὲν νερὸ καὶ ἐδέχετο τὰ τῶν ἀλλῶν τὰ πρώτα ἐφέσεις καὶ τοῦ ἐκράτησαν τὸ χειροκροτήματα.

Μαζῇ μὲ τὰ ρόπαλα ἐπέρασαν καὶ ἄλλαι συνεὶς τὸ κομιτάτον χορευταὶ ἐστεμμένοι καὶ ἐστολισμένοι μὲ ἐξαιρετικῶν καὶ καθ' ὅλου εἰς ἀνατολικὸν χορὸν. Τὸ πλῆθος τοὺς ἐπευφήμησε, ὥστε ἔκαμε νὰ ἐπαναληφθῇ, ἐτελείωσε, κατὰ γενικὴν ἀπαίτησιν ὁ χορὸς των ἐπανελήφθη.

ΤΑ ΒΡΑΒΕΙΑ

Ὅταν ἡ παρέλασις ἐτελείωσεν ἡ Ἑλλανόδικος ἐπιτροπὴ συνῆλθε καὶ ἀπένειμε τὰ ἑξῆς βραβεῖα.

Τιμητικὸν ἔπαινον εἰς τὰς ἐκτὸς συναγωνισμοῦ μανδολινάτας καὶ κ. Μαλακέτσα.

Βραβεῖον α'. 200 δραχμῶν εἰς τὸν Μουσικὸν ὅμιλον Σπυρόμουλου.

Βραβεῖον β'. 100 δρ. εἰς τὸν Μουσικὸν ὅμιλον Ροδίου-Λάσκαρη.

Τὸ ἥμισυ τοῦ ἀρχικῶς ὁρισθέντος βραβείου δρ. 200 εἰς τὸ Γαϊτανάκι ἦτο δρ. 100. Τὸ β' βραβεῖον εἰς τὸν Φασουλῆ ἦτο δρ. 400.

Αἱ λοιπὸν βραβεῖον δρ. εἰς τὸν Θεοδοσίου δρ. 100. Ἡ ἐπιτροπὴ εἶχεν ὁρίσῃ διὰ τὸν ποιητὴν τοῦ κάρρου δρ. 50 μόνον, ἐπειδὴ ὅμως ἀνομολογήθη ἐξαιρετικὴ ἡ ἐπιτυχία τοῦ κ. Θεοδοσίου ἡ ἐπιτροπὴ τὸ ἐδιπλασίασε τὸ βραβεῖον.

Τὸ πρῶτον βραβεῖον Καμήλας δρ. 75 ἀπενεμήθη εἰς τὴν μαλλιαρὴν καμήλαν μὲ τὸν μικρὸν μουντζουρωμένον ἐπιβάτην.

Εἰς τὸν μόνον παρουσιασθέντα ὅμιλον καὶ βραβεῖον 50 δρ. εἰς τοὺς χορευτὰς τὸ Ἀνατολικὸν χοροῦ.

Ἐτελείωσε τώρα ἡ ἑορτή, ὁ Καρνάβαλος παρελαύνων ἄνευ τάξεως πλέον, ὁ Καρνάβαλος κατηφόριζε εἰς τὴν μάνδραν του καὶ διαλύεται τὸ πλῆθος μετὰ τρεισάσεις ὥρας ἀσφυκτικῆς, ζωηρότητα, φασαρίας, ζωῆς, ὅλα μὲ ἀναμνήσεις ἐνθουσιώδης εἰς τὰς ὁδοὺς καὶ Κυριακάς.
